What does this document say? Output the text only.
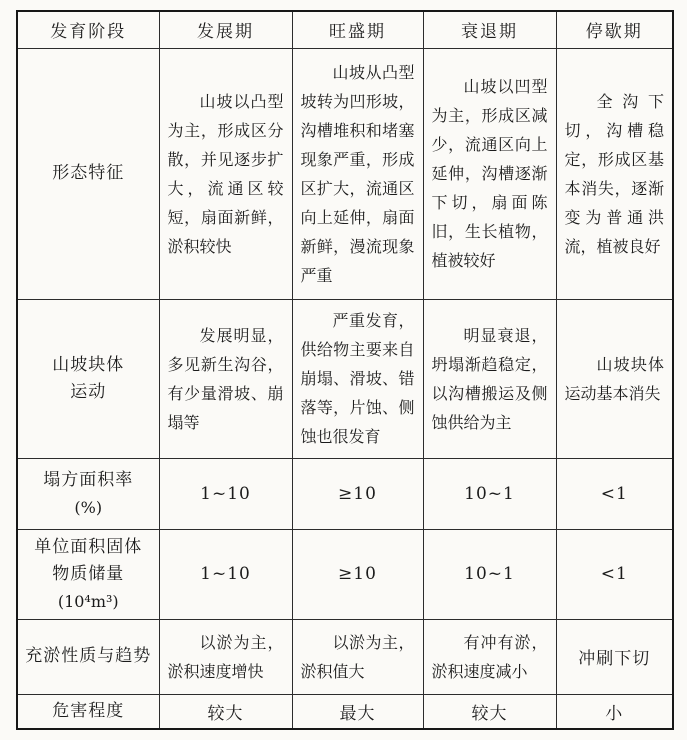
发育阶段	发展期	旺盛期	衰退期	停歇期

形态特征	山坡以凸型为主，形成区分散，并见逐步扩大，流通区较短，扇面新鲜，淤积较快	山坡从凸型坡转为凹形坡，沟槽堆积和堵塞现象严重，形成区扩大，流通区向上延伸，扇面新鲜，漫流现象严重	山坡以凹型为主，形成区减少，流通区向上延伸，沟槽逐渐下切，扇面陈旧，生长植物，植被较好	全沟下切，沟槽稳定，形成区基本消失，逐渐变为普通洪流，植被良好

山坡块体
运动	发展明显，多见新生沟谷，有少量滑坡、崩塌等	严重发育，供给物主要来自崩塌、滑坡、错落等，片蚀、侧蚀也很发育	明显衰退，坍塌渐趋稳定，以沟槽搬运及侧蚀供给为主	山坡块体运动基本消失

塌方面积率
(%)	1~10	≥10	10~1	<1

单位面积固体
物质储量
(10⁴m³)	1~10	≥10	10~1	<1

充淤性质与趋势	以淤为主，淤积速度增快	以淤为主，淤积值大	有冲有淤，淤积速度减小	冲刷下切

危害程度	较大	最大	较大	小
